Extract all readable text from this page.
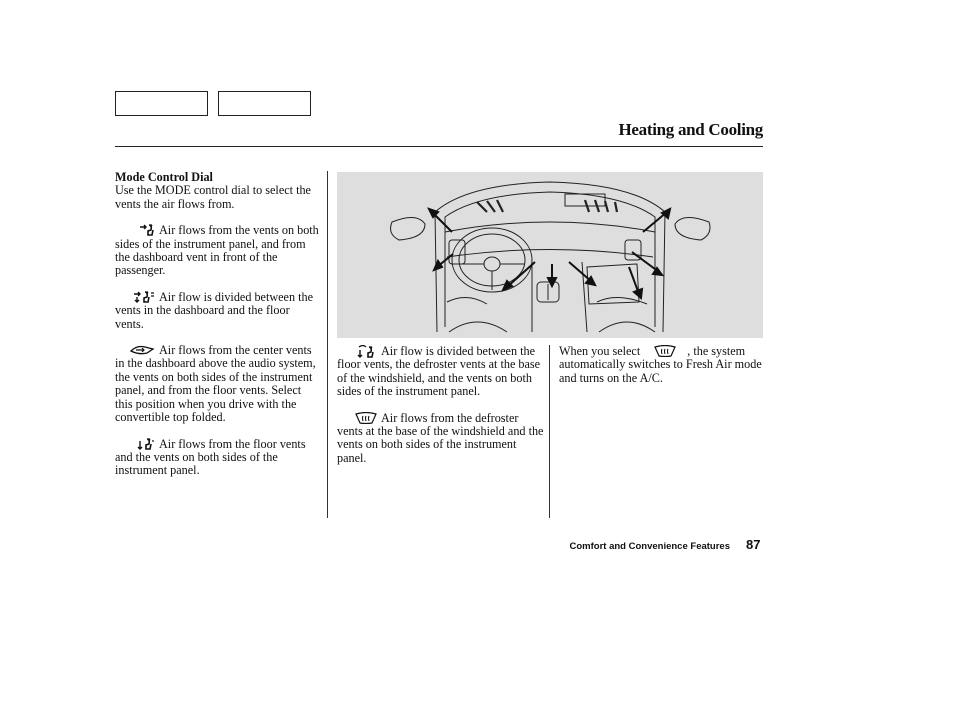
Heating and Cooling
Mode Control Dial

Use the MODE control dial to select the vents the air flows from.

Air flows from the vents on both sides of the instrument panel, and from the dashboard vent in front of the passenger.

Air flow is divided between the vents in the dashboard and the floor vents.

Air flows from the center vents in the dashboard above the audio system, the vents on both sides of the instrument panel, and from the floor vents. Select this position when you drive with the convertible top folded.

Air flows from the floor vents and the vents on both sides of the instrument panel.

Air flow is divided between the floor vents, the defroster vents at the base of the windshield, and the vents on both sides of the instrument panel.

Air flows from the defroster vents at the base of the windshield and the vents on both sides of the instrument panel.

When you select	, the system automatically switches to Fresh Air mode and turns on the A/C.

Comfort and Convenience Features 87
